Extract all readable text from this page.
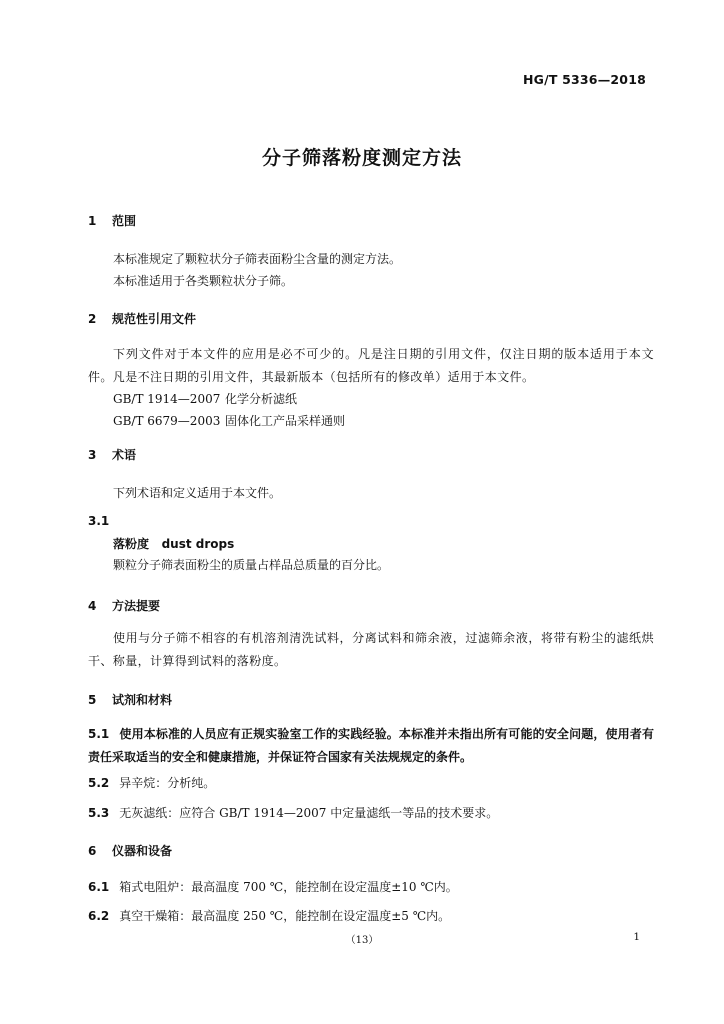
HG/T 5336—2018
分子筛落粉度测定方法
1 范围
本标准规定了颗粒状分子筛表面粉尘含量的测定方法。
本标准适用于各类颗粒状分子筛。
2 规范性引用文件
下列文件对于本文件的应用是必不可少的。凡是注日期的引用文件，仅注日期的版本适用于本文件。凡是不注日期的引用文件，其最新版本（包括所有的修改单）适用于本文件。
GB/T 1914—2007 化学分析滤纸
GB/T 6679—2003 固体化工产品采样通则
3 术语
下列术语和定义适用于本文件。
3.1
落粉度 dust drops
颗粒分子筛表面粉尘的质量占样品总质量的百分比。
4 方法提要
使用与分子筛不相容的有机溶剂清洗试料，分离试料和筛余液，过滤筛余液，将带有粉尘的滤纸烘干、称量，计算得到试料的落粉度。
5 试剂和材料
5.1 使用本标准的人员应有正规实验室工作的实践经验。本标准并未指出所有可能的安全问题，使用者有责任采取适当的安全和健康措施，并保证符合国家有关法规规定的条件。
5.2 异辛烷：分析纯。
5.3 无灰滤纸：应符合 GB/T 1914—2007 中定量滤纸一等品的技术要求。
6 仪器和设备
6.1 箱式电阻炉：最高温度 700 ℃，能控制在设定温度±10 ℃内。
6.2 真空干燥箱：最高温度 250 ℃，能控制在设定温度±5 ℃内。
（13）	1
